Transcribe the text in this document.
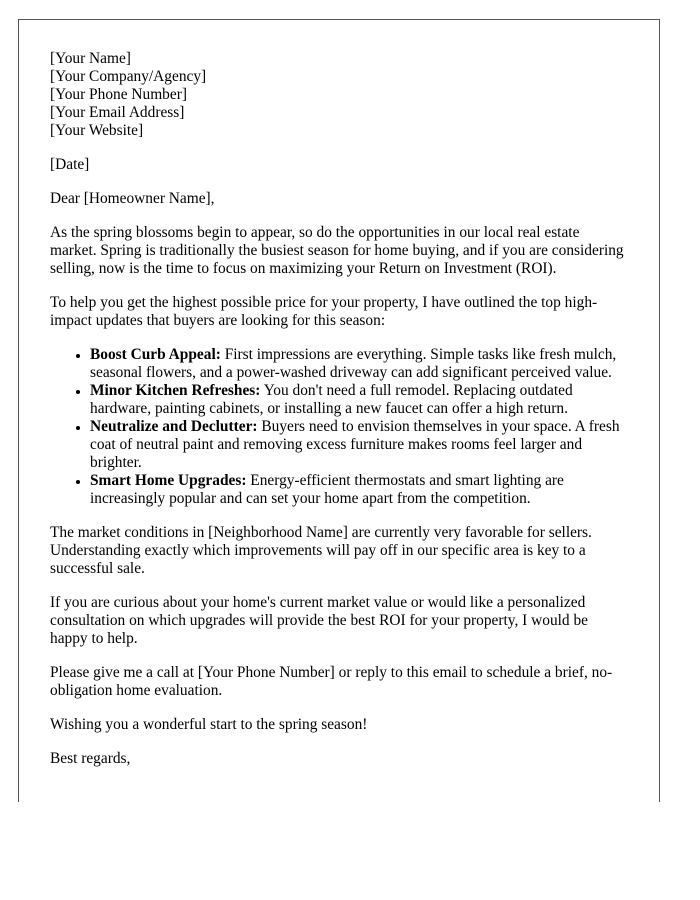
[Your Name]
[Your Company/Agency]
[Your Phone Number]
[Your Email Address]
[Your Website]

[Date]

Dear [Homeowner Name],

As the spring blossoms begin to appear, so do the opportunities in our local real estate market. Spring is traditionally the busiest season for home buying, and if you are considering selling, now is the time to focus on maximizing your Return on Investment (ROI).

To help you get the highest possible price for your property, I have outlined the top high-impact updates that buyers are looking for this season:

• Boost Curb Appeal: First impressions are everything. Simple tasks like fresh mulch, seasonal flowers, and a power-washed driveway can add significant perceived value.
• Minor Kitchen Refreshes: You don't need a full remodel. Replacing outdated hardware, painting cabinets, or installing a new faucet can offer a high return.
• Neutralize and Declutter: Buyers need to envision themselves in your space. A fresh coat of neutral paint and removing excess furniture makes rooms feel larger and brighter.
• Smart Home Upgrades: Energy-efficient thermostats and smart lighting are increasingly popular and can set your home apart from the competition.

The market conditions in [Neighborhood Name] are currently very favorable for sellers. Understanding exactly which improvements will pay off in our specific area is key to a successful sale.

If you are curious about your home's current market value or would like a personalized consultation on which upgrades will provide the best ROI for your property, I would be happy to help.

Please give me a call at [Your Phone Number] or reply to this email to schedule a brief, no-obligation home evaluation.

Wishing you a wonderful start to the spring season!

Best regards,
